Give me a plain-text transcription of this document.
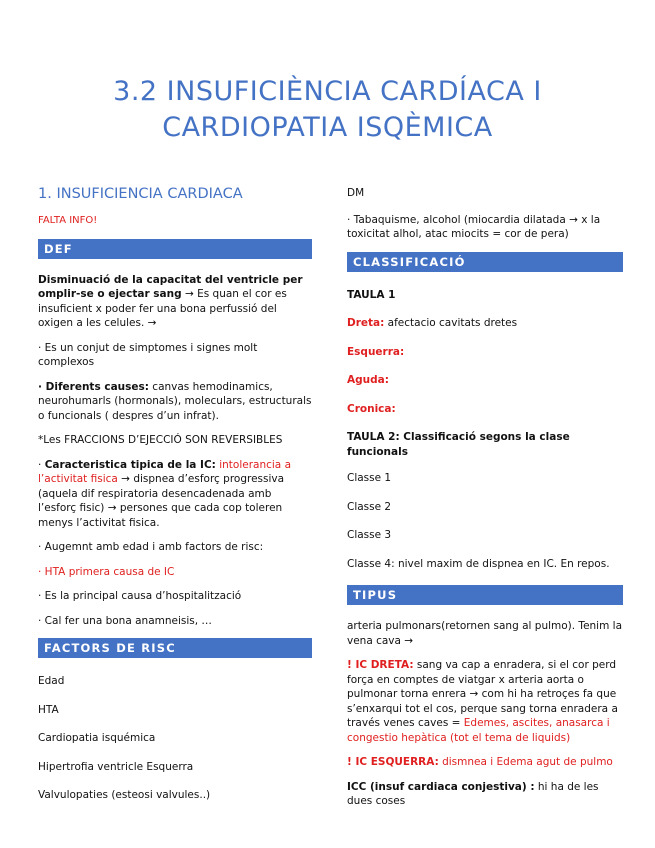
3.2 INSUFICIÈNCIA CARDÍACA I
CARDIOPATIA ISQÈMICA
1. INSUFICIENCIA CARDIACA
FALTA INFO!
DEF
Disminuació de la capacitat del ventricle per omplir-se o ejectar sang → Es quan el cor es insuficient x poder fer una bona perfussió del oxigen a les celules. →
· Es un conjut de simptomes i signes molt complexos
· Diferents causes: canvas hemodinamics, neurohumarls (hormonals), moleculars, estructurals o funcionals ( despres d’un infrat).
*Les FRACCIONS D’EJECCIÓ SON REVERSIBLES
· Caracteristica tipica de la IC: intolerancia a l’activitat fisica → dispnea d’esforç progressiva (aquela dif respiratoria desencadenada amb l’esforç fisic) → persones que cada cop toleren menys l’activitat fisica.
· Augemnt amb edad i amb factors de risc:
· HTA primera causa de IC
· Es la principal causa d’hospitalització
· Cal fer una bona anamneisis, …
FACTORS DE RISC
Edad
HTA
Cardiopatia isquémica
Hipertrofia ventricle Esquerra
Valvulopaties (esteosi valvules..)
DM
· Tabaquisme, alcohol (miocardia dilatada → x la toxicitat alhol, atac miocits = cor de pera)
CLASSIFICACIÓ
TAULA 1
Dreta: afectacio cavitats dretes
Esquerra:
Aguda:
Cronica:
TAULA 2: Classificació segons la clase funcionals
Classe 1
Classe 2
Classe 3
Classe 4: nivel maxim de dispnea en IC. En repos.
TIPUS
arteria pulmonars(retornen sang al pulmo). Tenim la vena cava →
! IC DRETA: sang va cap a enradera, si el cor perd força en comptes de viatgar x arteria aorta o pulmonar torna enrera → com hi ha retroçes fa que s’enxarqui tot el cos, perque sang torna enradera a través venes caves = Edemes, ascites, anasarca i congestio hepàtica (tot el tema de liquids)
! IC ESQUERRA: dismnea i Edema agut de pulmo
ICC (insuf cardiaca conjestiva) : hi ha de les dues coses
